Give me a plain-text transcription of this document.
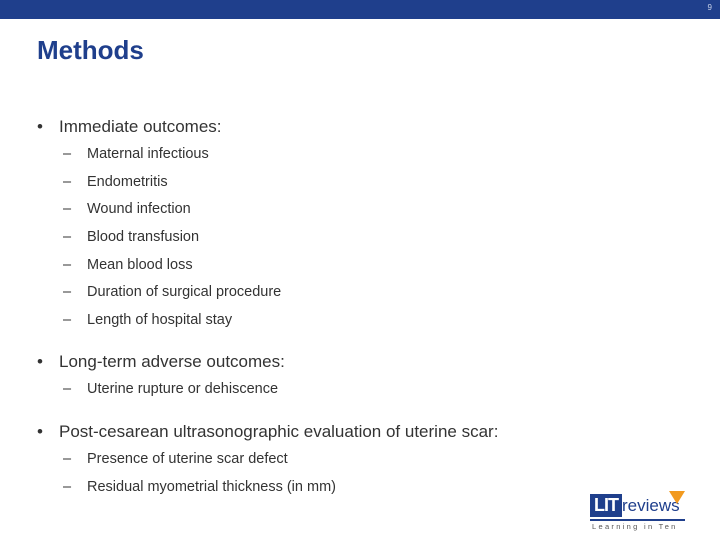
9
Methods
• Immediate outcomes:
– Maternal infectious
– Endometritis
– Wound infection
– Blood transfusion
– Mean blood loss
– Duration of surgical procedure
– Length of hospital stay
• Long-term adverse outcomes:
– Uterine rupture or dehiscence
• Post-cesarean ultrasonographic evaluation of uterine scar:
– Presence of uterine scar defect
– Residual myometrial thickness (in mm)
LIT reviews
Learning in Ten
